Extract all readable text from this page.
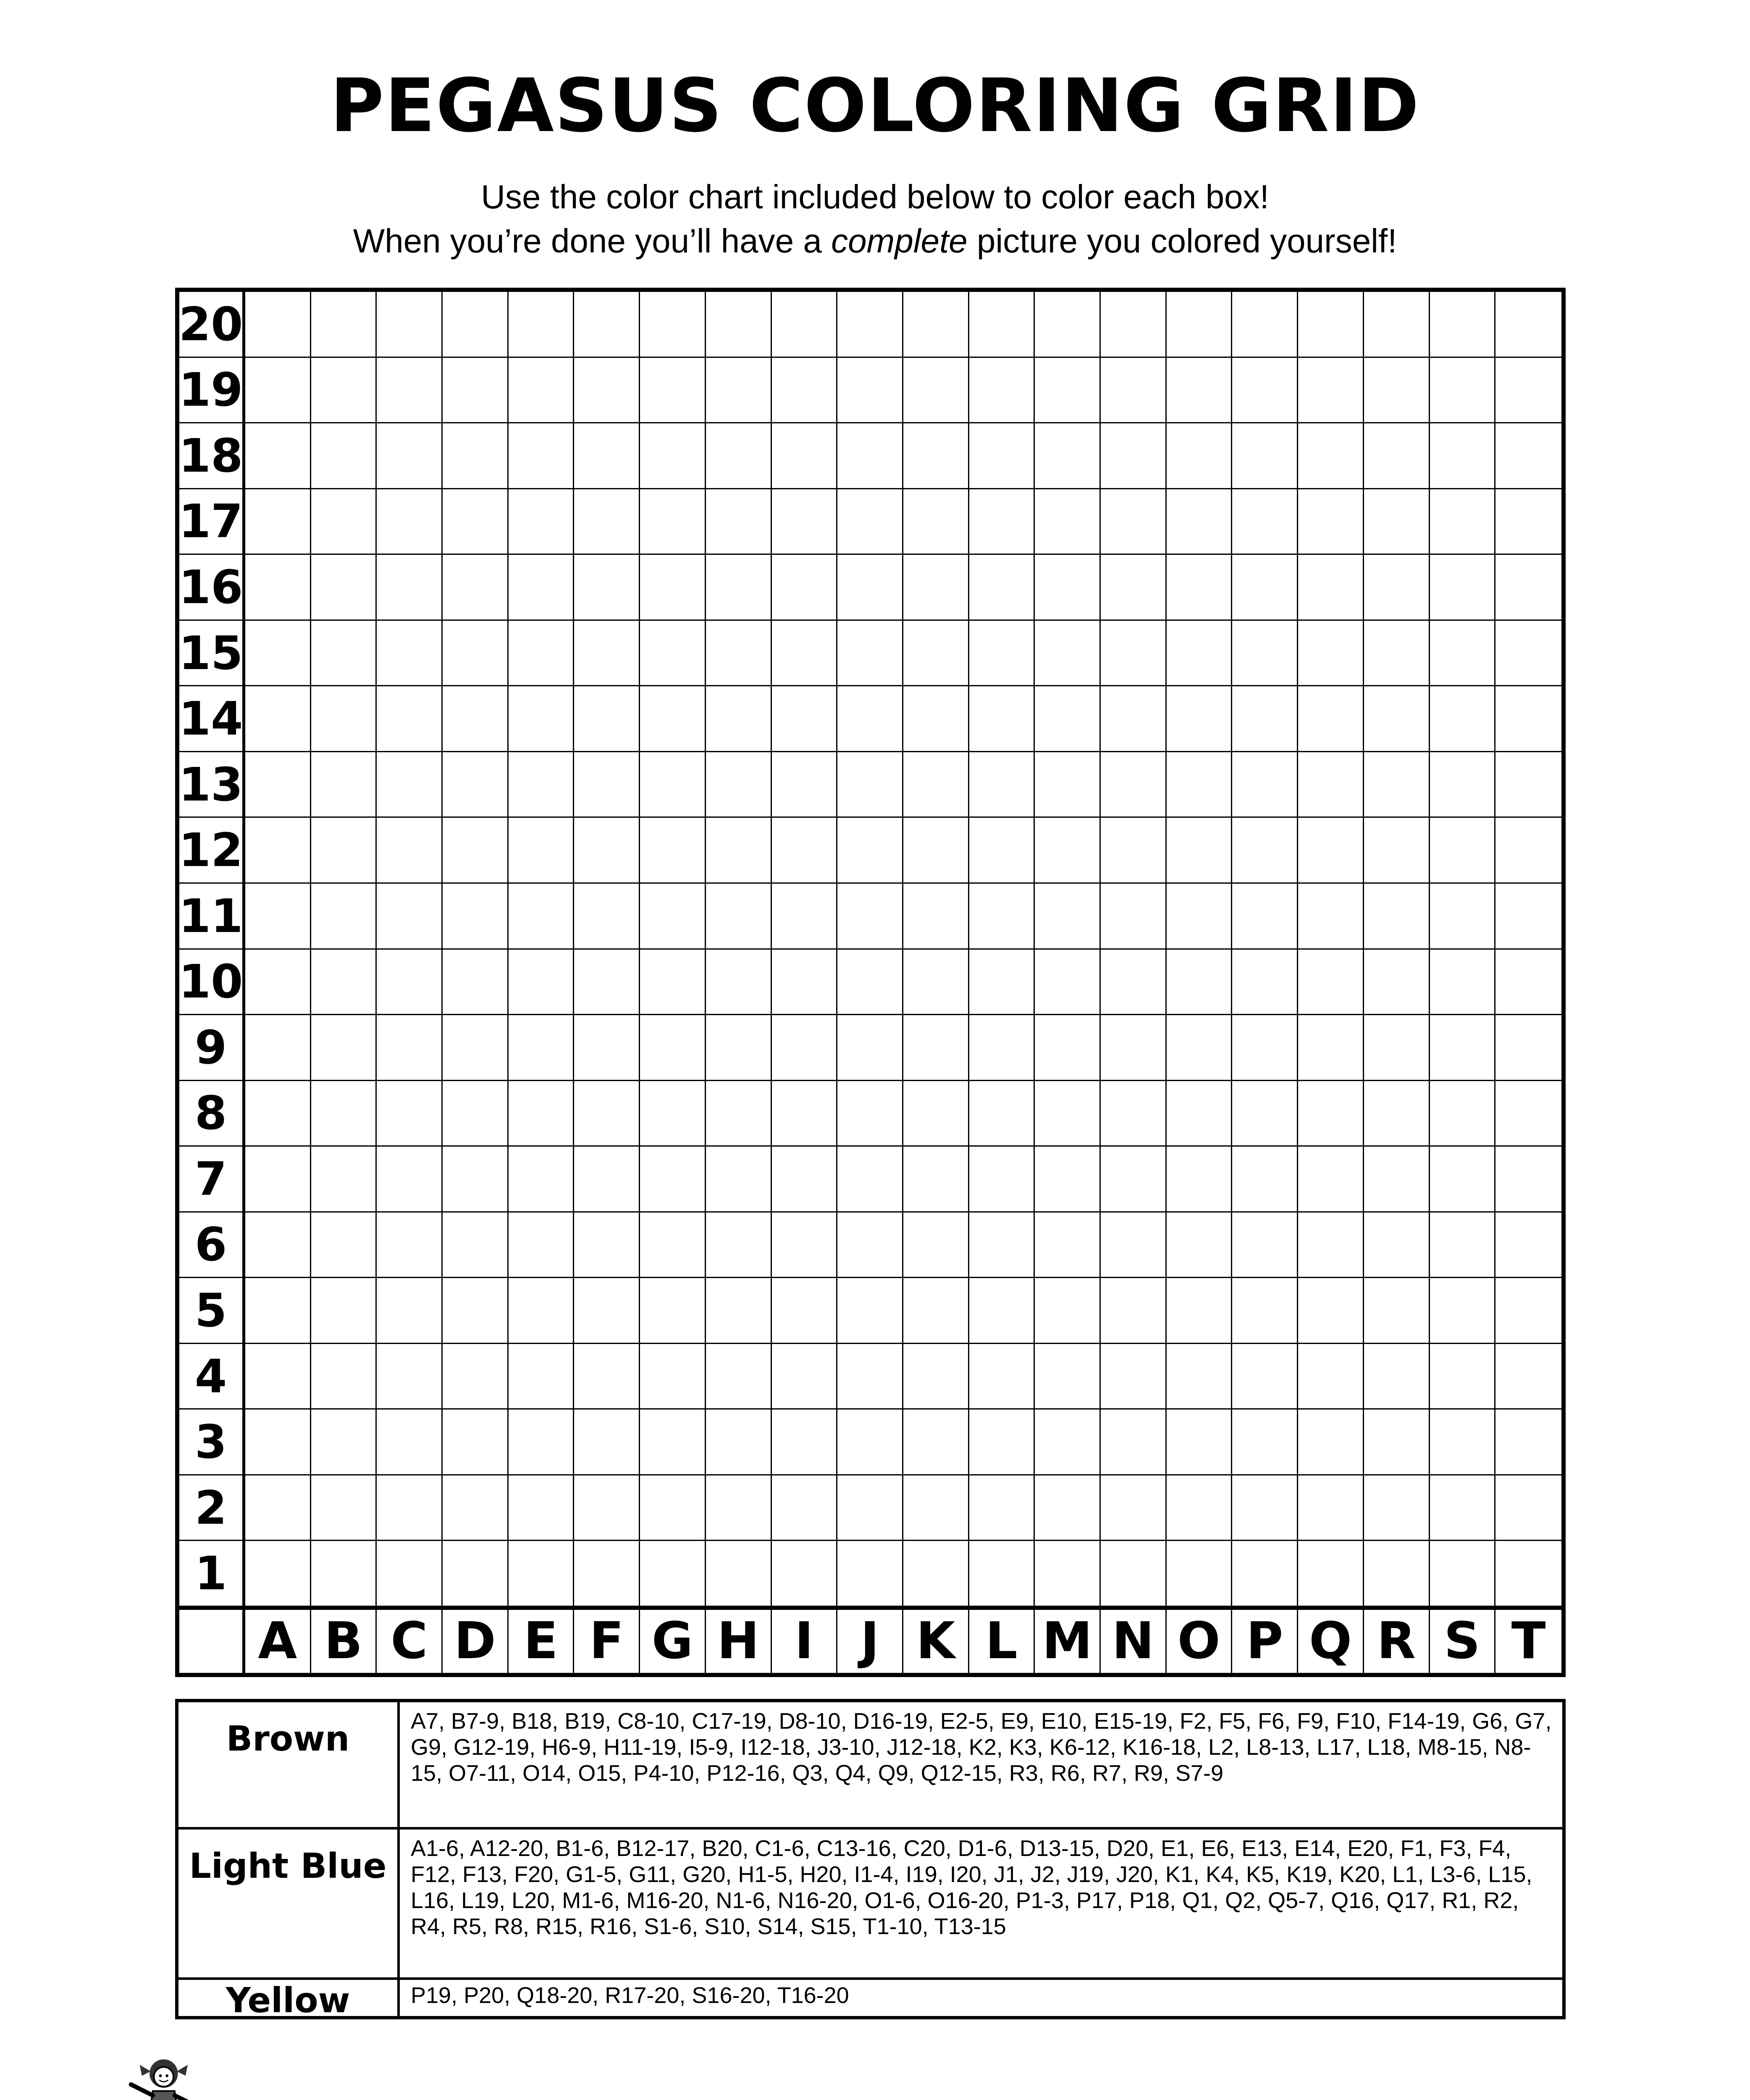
PEGASUS COLORING GRID
Use the color chart included below to color each box!
When you’re done you’ll have a complete picture you colored yourself!
20
19
18
17
16
15
14
13
12
11
10
9
8
7
6
5
4
3
2
1
A B C D E F G H I J K L M N O P Q R S T
Brown	A7, B7-9, B18, B19, C8-10, C17-19, D8-10, D16-19, E2-5, E9, E10, E15-19, F2, F5, F6, F9, F10, F14-19, G6, G7, G9, G12-19, H6-9, H11-19, I5-9, I12-18, J3-10, J12-18, K2, K3, K6-12, K16-18, L2, L8-13, L17, L18, M8-15, N8-15, O7-11, O14, O15, P4-10, P12-16, Q3, Q4, Q9, Q12-15, R3, R6, R7, R9, S7-9
Light Blue	A1-6, A12-20, B1-6, B12-17, B20, C1-6, C13-16, C20, D1-6, D13-15, D20, E1, E6, E13, E14, E20, F1, F3, F4, F12, F13, F20, G1-5, G11, G20, H1-5, H20, I1-4, I19, I20, J1, J2, J19, J20, K1, K4, K5, K19, K20, L1, L3-6, L15, L16, L19, L20, M1-6, M16-20, N1-6, N16-20, O1-6, O16-20, P1-3, P17, P18, Q1, Q2, Q5-7, Q16, Q17, R1, R2, R4, R5, R8, R15, R16, S1-6, S10, S14, S15, T1-10, T13-15
Yellow	P19, P20, Q18-20, R17-20, S16-20, T16-20
